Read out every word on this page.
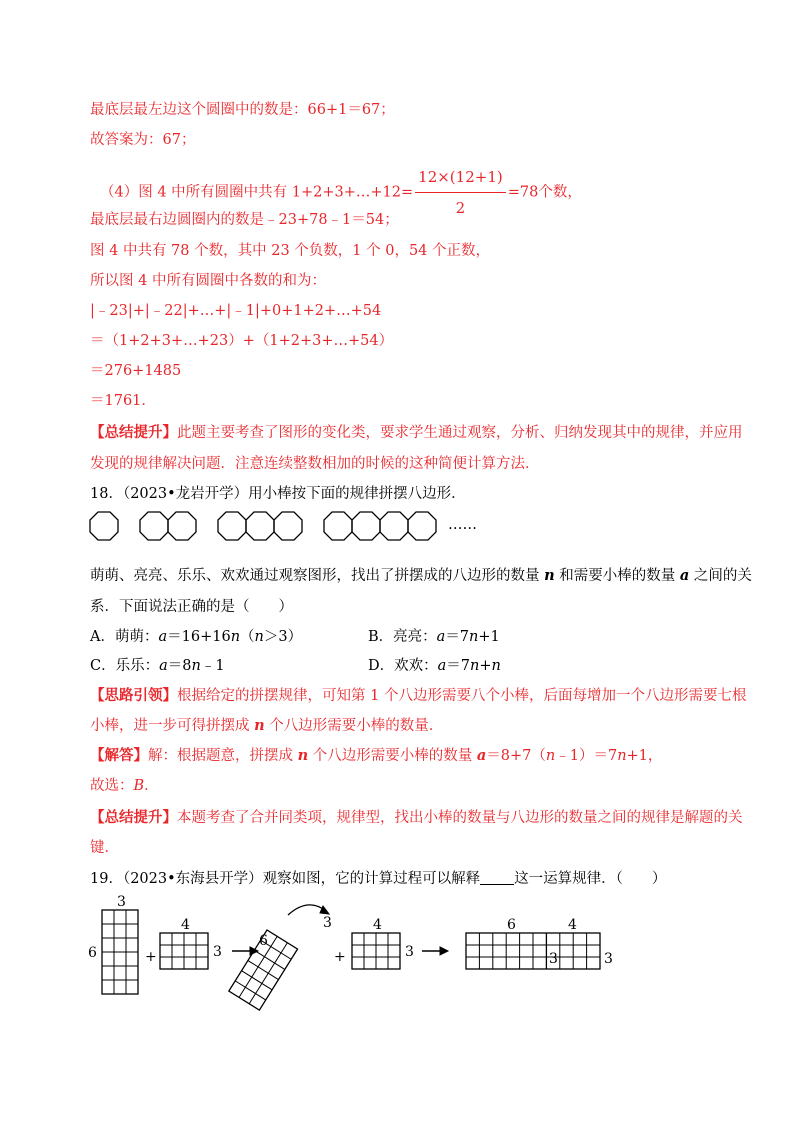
最底层最左边这个圆圈中的数是：66+1＝67；
故答案为：67；
（4）图 4 中所有圆圈中共有 1+2+3+…+12= $\frac{12\times(12+1)}{2} =78$个数，
最底层最右边圆圈内的数是﹣23+78﹣1＝54；
图 4 中共有 78 个数，其中 23 个负数，1 个 0，54 个正数，
所以图 4 中所有圆圈中各数的和为：
|﹣23|+|﹣22|+…+|﹣1|+0+1+2+…+54
＝（1+2+3+…+23）+（1+2+3+…+54）
＝276+1485
＝1761．
【总结提升】此题主要考查了图形的变化类，要求学生通过观察，分析、归纳发现其中的规律，并应用
发现的规律解决问题．注意连续整数相加的时候的这种简便计算方法．
18．（2023•龙岩开学）用小棒按下面的规律拼摆八边形．
……
萌萌、亮亮、乐乐、欢欢通过观察图形，找出了拼摆成的八边形的数量 n 和需要小棒的数量 a 之间的关
系．下面说法正确的是（　　）
A．萌萌：a＝16+16n（n＞3）	B．亮亮：a＝7n+1
C．乐乐：a＝8n﹣1	D．欢欢：a＝7n+n
【思路引领】根据给定的拼摆规律，可知第 1 个八边形需要八个小棒，后面每增加一个八边形需要七根
小棒，进一步可得拼摆成 n 个八边形需要小棒的数量．
【解答】解：根据题意，拼摆成 n 个八边形需要小棒的数量 a＝8+7（n﹣1）＝7n+1，
故选：B．
【总结提升】本题考查了合并同类项，规律型，找出小棒的数量与八边形的数量之间的规律是解题的关
键．
19．（2023•东海县开学）观察如图，它的计算过程可以解释 这一运算规律．（　　）
3
6	+
4
3
3
6
+
4
3
6	4
3	3
